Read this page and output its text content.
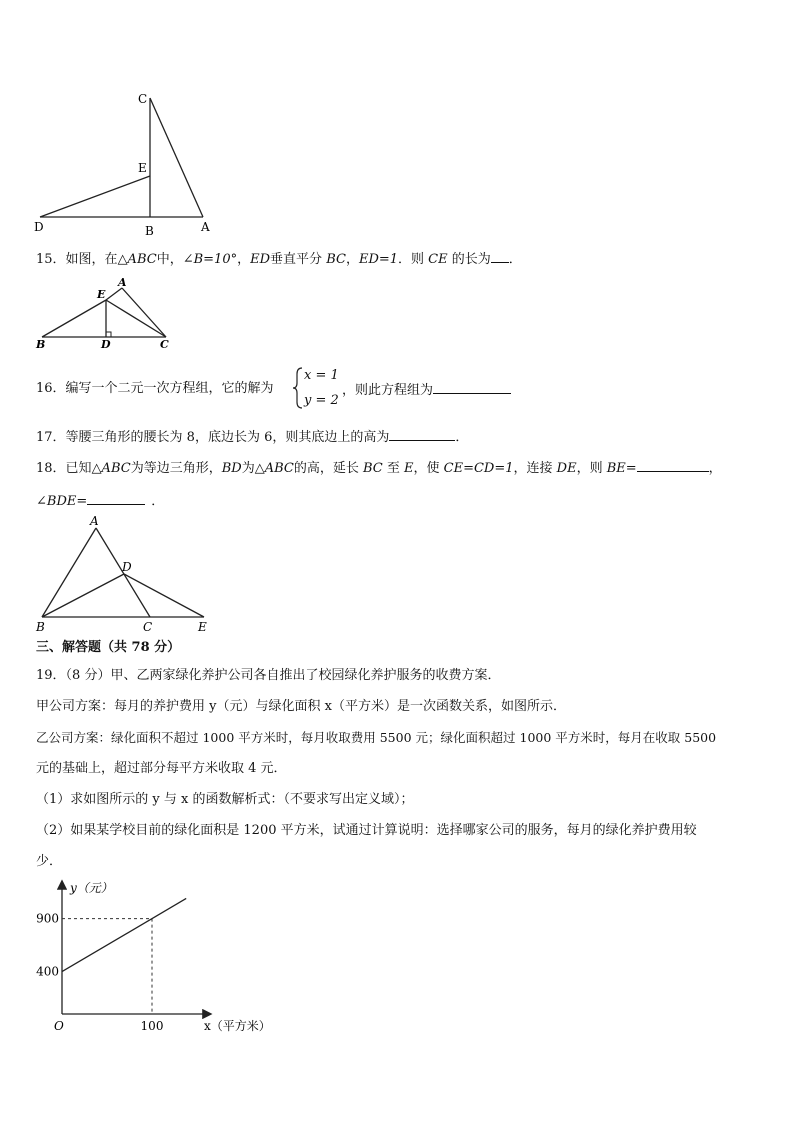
C
E
D	B	A
15．如图，在△ABC中，∠B=10°，ED垂直平分 BC，ED=1．则 CE 的长为 ．
A
E
B	D	C
16．编写一个二元一次方程组，它的解为
x = 1
y = 2
，则此方程组为
17．等腰三角形的腰长为 8，底边长为 6，则其底边上的高为	．
18．已知△ABC为等边三角形，BD为△ABC的高，延长 BC 至 E，使 CE=CD=1，连接 DE，则 BE=	，
∠BDE=	．
A
D
B	C	E
三、解答题（共 78 分）
19．（8 分）甲、乙两家绿化养护公司各自推出了校园绿化养护服务的收费方案．
甲公司方案：每月的养护费用 y（元）与绿化面积 x（平方米）是一次函数关系，如图所示．
乙公司方案：绿化面积不超过 1000 平方米时，每月收取费用 5500 元；绿化面积超过 1000 平方米时，每月在收取 5500
元的基础上，超过部分每平方米收取 4 元．
（1）求如图所示的 y 与 x 的函数解析式：（不要求写出定义域）；
（2）如果某学校目前的绿化面积是 1200 平方米，试通过计算说明：选择哪家公司的服务，每月的绿化养护费用较
少．
y（元）
x（平方米）
O
400
900
100
